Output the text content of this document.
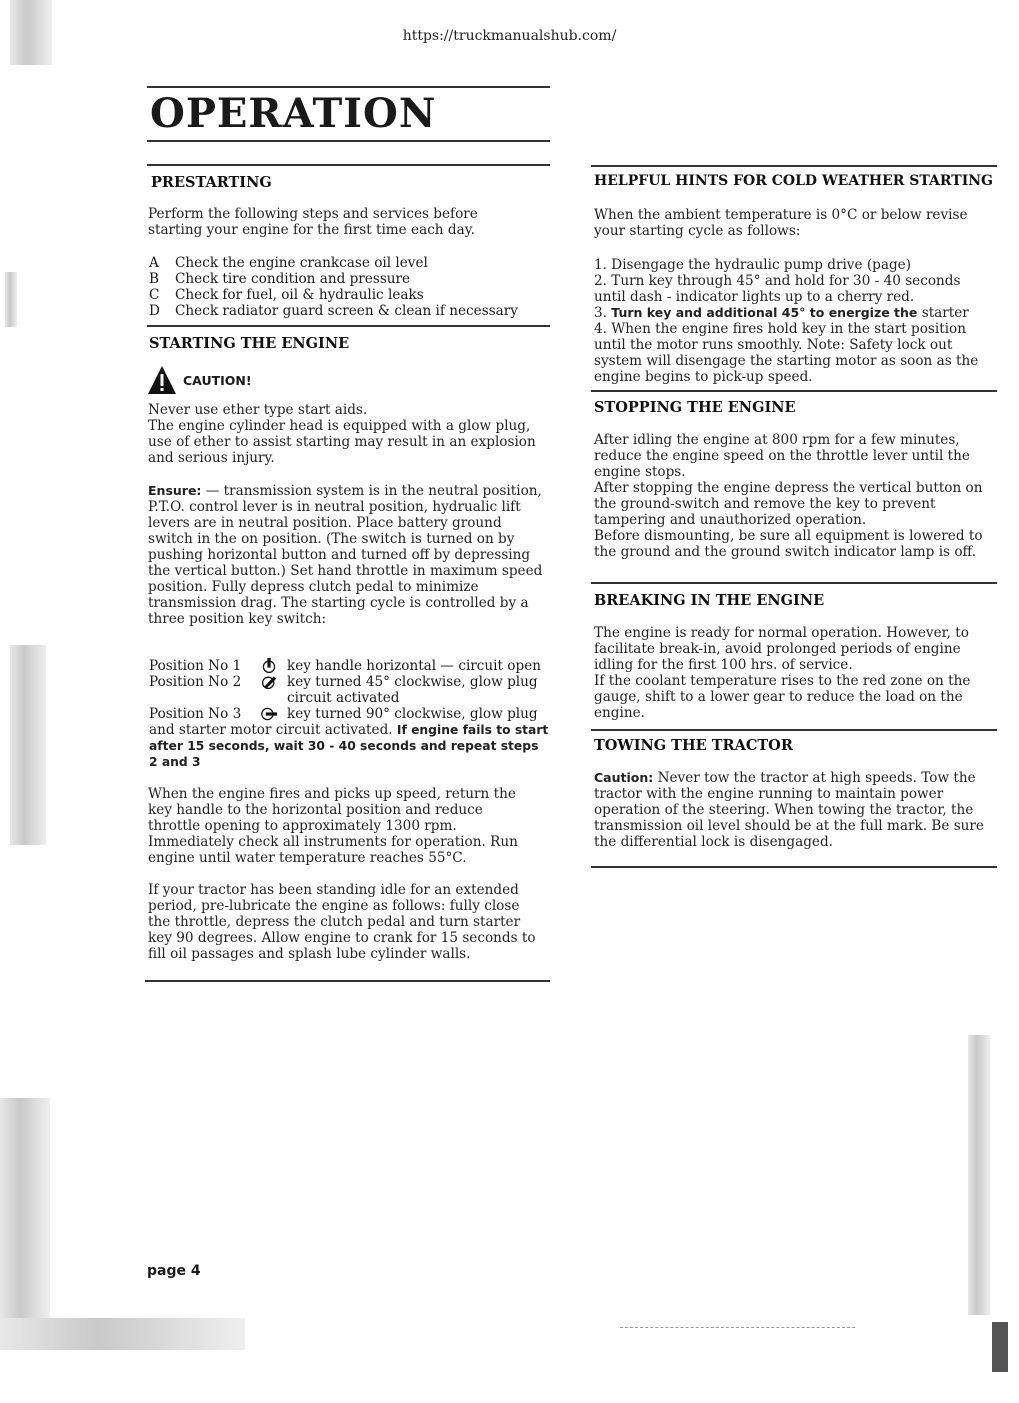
https://truckmanualshub.com/
OPERATION
PRESTARTING
Perform the following steps and services before starting your engine for the first time each day.
A	Check the engine crankcase oil level
B	Check tire condition and pressure
C	Check for fuel, oil & hydraulic leaks
D	Check radiator guard screen & clean if necessary
STARTING THE ENGINE
CAUTION!
Never use ether type start aids.
The engine cylinder head is equipped with a glow plug, use of ether to assist starting may result in an explosion and serious injury.
Ensure: — transmission system is in the neutral position, P.T.O. control lever is in neutral position, hydrualic lift levers are in neutral position. Place battery ground switch in the on position. (The switch is turned on by pushing horizontal button and turned off by depressing the vertical button.) Set hand throttle in maximum speed position. Fully depress clutch pedal to minimize transmission drag. The starting cycle is controlled by a three position key switch:
Position No 1	key handle horizontal — circuit open
Position No 2	key turned 45° clockwise, glow plug circuit activated
Position No 3	key turned 90° clockwise, glow plug
and starter motor circuit activated. If engine fails to start after 15 seconds, wait 30 - 40 seconds and repeat steps 2 and 3
When the engine fires and picks up speed, return the key handle to the horizontal position and reduce throttle opening to approximately 1300 rpm. Immediately check all instruments for operation. Run engine until water temperature reaches 55°C.
If your tractor has been standing idle for an extended period, pre-lubricate the engine as follows: fully close the throttle, depress the clutch pedal and turn starter key 90 degrees. Allow engine to crank for 15 seconds to fill oil passages and splash lube cylinder walls.
page 4
HELPFUL HINTS FOR COLD WEATHER STARTING
When the ambient temperature is 0°C or below revise your starting cycle as follows:
1. Disengage the hydraulic pump drive (page)
2. Turn key through 45° and hold for 30 - 40 seconds until dash - indicator lights up to a cherry red.
3. Turn key and additional 45° to energize the starter
4. When the engine fires hold key in the start position until the motor runs smoothly. Note: Safety lock out system will disengage the starting motor as soon as the engine begins to pick-up speed.
STOPPING THE ENGINE
After idling the engine at 800 rpm for a few minutes, reduce the engine speed on the throttle lever until the engine stops.
After stopping the engine depress the vertical button on the ground-switch and remove the key to prevent tampering and unauthorized operation.
Before dismounting, be sure all equipment is lowered to the ground and the ground switch indicator lamp is off.
BREAKING IN THE ENGINE
The engine is ready for normal operation. However, to facilitate break-in, avoid prolonged periods of engine idling for the first 100 hrs. of service.
If the coolant temperature rises to the red zone on the gauge, shift to a lower gear to reduce the load on the engine.
TOWING THE TRACTOR
Caution: Never tow the tractor at high speeds. Tow the tractor with the engine running to maintain power operation of the steering. When towing the tractor, the transmission oil level should be at the full mark. Be sure the differential lock is disengaged.
